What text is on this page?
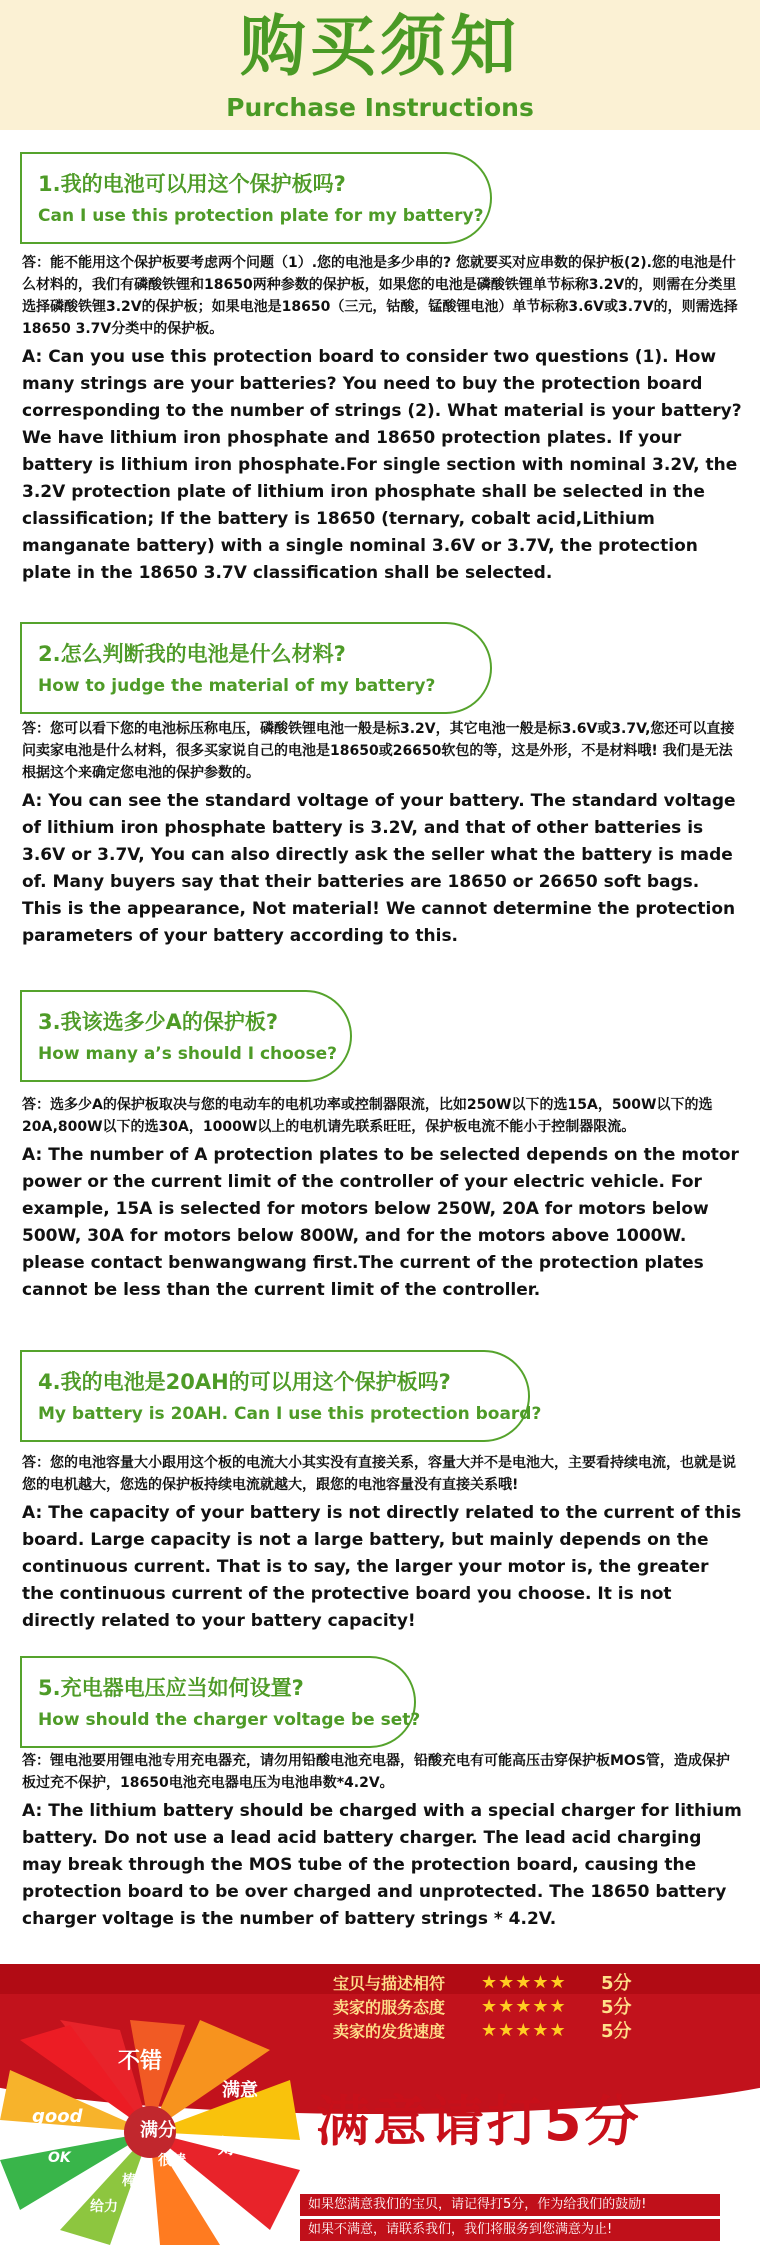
购买须知
Purchase Instructions
1.我的电池可以用这个保护板吗?
Can I use this protection plate for my battery?

答：能不能用这个保护板要考虑两个问题（1）.您的电池是多少串的? 您就要买对应串数的保护板(2).您的电池是什么材料的，我们有磷酸铁锂和18650两种参数的保护板，如果您的电池是磷酸铁锂单节标称3.2V的，则需在分类里选择磷酸铁锂3.2V的保护板；如果电池是18650（三元，钴酸，锰酸锂电池）单节标称3.6V或3.7V的，则需选择18650 3.7V分类中的保护板。

A: Can you use this protection board to consider two questions (1). How many strings are your batteries? You need to buy the protection board corresponding to the number of strings (2). What material is your battery? We have lithium iron phosphate and 18650 protection plates. If your battery is lithium iron phosphate.For single section with nominal 3.2V, the 3.2V protection plate of lithium iron phosphate shall be selected in the classification; If the battery is 18650 (ternary, cobalt acid,Lithium manganate battery) with a single nominal 3.6V or 3.7V, the protection plate in the 18650 3.7V classification shall be selected.

2.怎么判断我的电池是什么材料?
How to judge the material of my battery?

答：您可以看下您的电池标压称电压，磷酸铁锂电池一般是标3.2V，其它电池一般是标3.6V或3.7V,您还可以直接问卖家电池是什么材料，很多买家说自己的电池是18650或26650软包的等，这是外形，不是材料哦! 我们是无法根据这个来确定您电池的保护参数的。

A: You can see the standard voltage of your battery. The standard voltage of lithium iron phosphate battery is 3.2V, and that of other batteries is 3.6V or 3.7V, You can also directly ask the seller what the battery is made of. Many buyers say that their batteries are 18650 or 26650 soft bags. This is the appearance, Not material! We cannot determine the protection parameters of your battery according to this.

3.我该选多少A的保护板?
How many a’s should I choose?

答：选多少A的保护板取决与您的电动车的电机功率或控制器限流，比如250W以下的选15A，500W以下的选20A,800W以下的选30A，1000W以上的电机请先联系旺旺，保护板电流不能小于控制器限流。

A: The number of A protection plates to be selected depends on the motor power or the current limit of the controller of your electric vehicle. For example, 15A is selected for motors below 250W, 20A for motors below 500W, 30A for motors below 800W, and for the motors above 1000W. please contact benwangwang first.The current of the protection plates cannot be less than the current limit of the controller.

4.我的电池是20AH的可以用这个保护板吗?
My battery is 20AH. Can I use this protection board?

答：您的电池容量大小跟用这个板的电流大小其实没有直接关系，容量大并不是电池大，主要看持续电流，也就是说您的电机越大，您选的保护板持续电流就越大，跟您的电池容量没有直接关系哦!

A: The capacity of your battery is not directly related to the current of this board. Large capacity is not a large battery, but mainly depends on the continuous current. That is to say, the larger your motor is, the greater the continuous current of the protective board you choose. It is not directly related to your battery capacity!

5.充电器电压应当如何设置?
How should the charger voltage be set?

答：锂电池要用锂电池专用充电器充，请勿用铅酸电池充电器，铅酸充电有可能高压击穿保护板MOS管，造成保护板过充不保护，18650电池充电器电压为电池串数*4.2V。

A: The lithium battery should be charged with a special charger for lithium battery. Do not use a lead acid battery charger. The lead acid charging may break through the MOS tube of the protection board, causing the protection board to be over charged and unprotected. The 18650 battery charger voltage is the number of battery strings * 4.2V.

不错
满分
很棒
满意
好
good
OK
棒
给力
牛
宝贝与描述相符	★★★★★	5分
卖家的服务态度	★★★★★	5分
卖家的发货速度	★★★★★	5分
满意请打5分
如果您满意我们的宝贝，请记得打5分，作为给我们的鼓励!
如果不满意，请联系我们，我们将服务到您满意为止!
